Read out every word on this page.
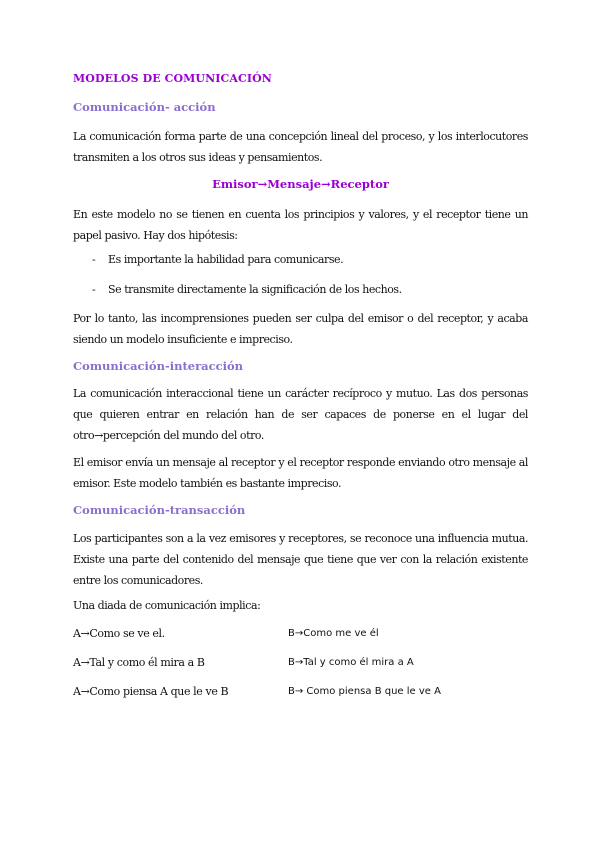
MODELOS DE COMUNICACIÓN
Comunicación- acción
La comunicación forma parte de una concepción lineal del proceso, y los interlocutores transmiten a los otros sus ideas y pensamientos.
Emisor→Mensaje→Receptor
En este modelo no se tienen en cuenta los principios y valores, y el receptor tiene un papel pasivo. Hay dos hipótesis:
- Es importante la habilidad para comunicarse.
- Se transmite directamente la significación de los hechos.
Por lo tanto, las incomprensiones pueden ser culpa del emisor o del receptor, y acaba siendo un modelo insuficiente e impreciso.
Comunicación-interacción
La comunicación interaccional tiene un carácter recíproco y mutuo. Las dos personas que quieren entrar en relación han de ser capaces de ponerse en el lugar del otro→percepción del mundo del otro.
El emisor envía un mensaje al receptor y el receptor responde enviando otro mensaje al emisor. Este modelo también es bastante impreciso.
Comunicación-transacción
Los participantes son a la vez emisores y receptores, se reconoce una influencia mutua. Existe una parte del contenido del mensaje que tiene que ver con la relación existente entre los comunicadores.
Una diada de comunicación implica:
A→Como se ve el.	B→Como me ve él
A→Tal y como él mira a B	B→Tal y como él mira a A
A→Como piensa A que le ve B	B→ Como piensa B que le ve A
